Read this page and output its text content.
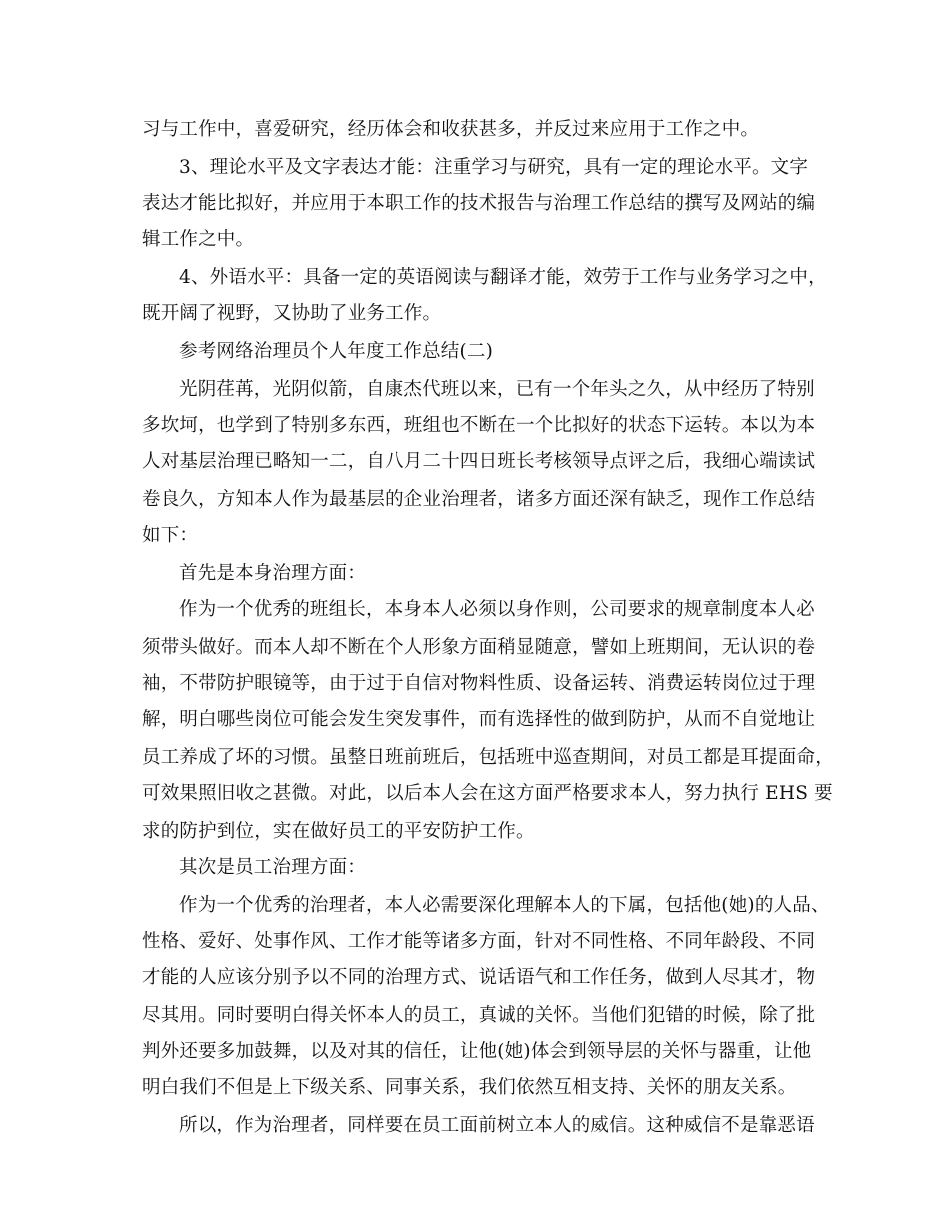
习与工作中，喜爱研究，经历体会和收获甚多，并反过来应用于工作之中。
3、理论水平及文字表达才能：注重学习与研究，具有一定的理论水平。文字
表达才能比拟好，并应用于本职工作的技术报告与治理工作总结的撰写及网站的编
辑工作之中。
4、外语水平：具备一定的英语阅读与翻译才能，效劳于工作与业务学习之中，
既开阔了视野，又协助了业务工作。
参考网络治理员个人年度工作总结(二)
光阴荏苒，光阴似箭，自康杰代班以来，已有一个年头之久，从中经历了特别
多坎坷，也学到了特别多东西，班组也不断在一个比拟好的状态下运转。本以为本
人对基层治理已略知一二，自八月二十四日班长考核领导点评之后，我细心端读试
卷良久，方知本人作为最基层的企业治理者，诸多方面还深有缺乏，现作工作总结
如下：
首先是本身治理方面：
作为一个优秀的班组长，本身本人必须以身作则，公司要求的规章制度本人必
须带头做好。而本人却不断在个人形象方面稍显随意，譬如上班期间，无认识的卷
袖，不带防护眼镜等，由于过于自信对物料性质、设备运转、消费运转岗位过于理
解，明白哪些岗位可能会发生突发事件，而有选择性的做到防护，从而不自觉地让
员工养成了坏的习惯。虽整日班前班后，包括班中巡查期间，对员工都是耳提面命，
可效果照旧收之甚微。对此，以后本人会在这方面严格要求本人，努力执行 EHS 要
求的防护到位，实在做好员工的平安防护工作。
其次是员工治理方面：
作为一个优秀的治理者，本人必需要深化理解本人的下属，包括他(她)的人品、
性格、爱好、处事作风、工作才能等诸多方面，针对不同性格、不同年龄段、不同
才能的人应该分别予以不同的治理方式、说话语气和工作任务，做到人尽其才，物
尽其用。同时要明白得关怀本人的员工，真诚的关怀。当他们犯错的时候，除了批
判外还要多加鼓舞，以及对其的信任，让他(她)体会到领导层的关怀与器重，让他
明白我们不但是上下级关系、同事关系，我们依然互相支持、关怀的朋友关系。
所以，作为治理者，同样要在员工面前树立本人的威信。这种威信不是靠恶语
